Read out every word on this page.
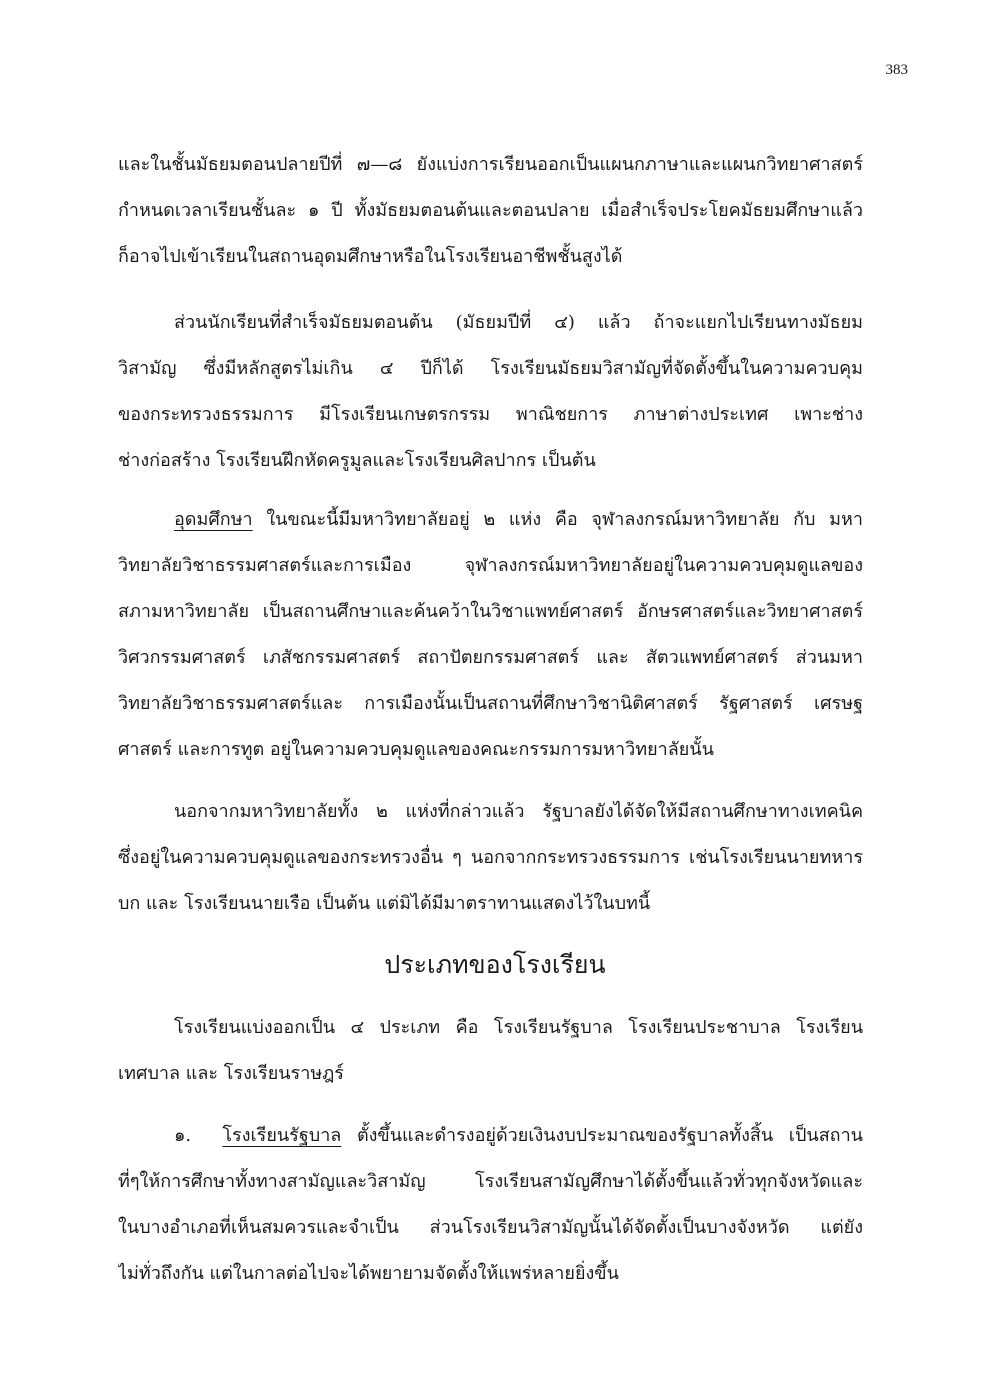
383
และในชั้นมัธยมตอนปลายปีที่ ๗—๘ ยังแบ่งการเรียนออกเป็นแผนกภาษาและแผนกวิทยาศาสตร์
กำหนดเวลาเรียนชั้นละ ๑ ปี ทั้งมัธยมตอนต้นและตอนปลาย เมื่อสำเร็จประโยคมัธยมศึกษาแล้ว
ก็อาจไปเข้าเรียนในสถานอุดมศึกษาหรือในโรงเรียนอาชีพชั้นสูงได้
ส่วนนักเรียนที่สำเร็จมัธยมตอนต้น (มัธยมปีที่ ๔) แล้ว ถ้าจะแยกไปเรียนทางมัธยม
วิสามัญ ซึ่งมีหลักสูตรไม่เกิน ๔ ปีก็ได้ โรงเรียนมัธยมวิสามัญที่จัดตั้งขึ้นในความควบคุม
ของกระทรวงธรรมการ มีโรงเรียนเกษตรกรรม พาณิชยการ ภาษาต่างประเทศ เพาะช่าง
ช่างก่อสร้าง โรงเรียนฝึกหัดครูมูลและโรงเรียนศิลปากร เป็นต้น
อุดมศึกษา ในขณะนี้มีมหาวิทยาลัยอยู่ ๒ แห่ง คือ จุฬาลงกรณ์มหาวิทยาลัย กับ มหา
วิทยาลัยวิชาธรรมศาสตร์และการเมือง จุฬาลงกรณ์มหาวิทยาลัยอยู่ในความควบคุมดูแลของ
สภามหาวิทยาลัย เป็นสถานศึกษาและค้นคว้าในวิชาแพทย์ศาสตร์ อักษรศาสตร์และวิทยาศาสตร์
วิศวกรรมศาสตร์ เภสัชกรรมศาสตร์ สถาปัตยกรรมศาสตร์ และ สัตวแพทย์ศาสตร์ ส่วนมหา
วิทยาลัยวิชาธรรมศาสตร์และ การเมืองนั้นเป็นสถานที่ศึกษาวิชานิติศาสตร์ รัฐศาสตร์ เศรษฐ
ศาสตร์ และการทูต อยู่ในความควบคุมดูแลของคณะกรรมการมหาวิทยาลัยนั้น
นอกจากมหาวิทยาลัยทั้ง ๒ แห่งที่กล่าวแล้ว รัฐบาลยังได้จัดให้มีสถานศึกษาทางเทคนิค
ซึ่งอยู่ในความควบคุมดูแลของกระทรวงอื่น ๆ นอกจากกระทรวงธรรมการ เช่นโรงเรียนนายทหาร
บก และ โรงเรียนนายเรือ เป็นต้น แต่มิได้มีมาตราทานแสดงไว้ในบทนี้
ประเภทของโรงเรียน
โรงเรียนแบ่งออกเป็น ๔ ประเภท คือ โรงเรียนรัฐบาล โรงเรียนประชาบาล โรงเรียน
เทศบาล และ โรงเรียนราษฎร์
๑. โรงเรียนรัฐบาล ตั้งขึ้นและดำรงอยู่ด้วยเงินงบประมาณของรัฐบาลทั้งสิ้น เป็นสถาน
ที่ๆให้การศึกษาทั้งทางสามัญและวิสามัญ โรงเรียนสามัญศึกษาได้ตั้งขึ้นแล้วทั่วทุกจังหวัดและ
ในบางอำเภอที่เห็นสมควรและจำเป็น ส่วนโรงเรียนวิสามัญนั้นได้จัดตั้งเป็นบางจังหวัด แต่ยัง
ไม่ทั่วถึงกัน แต่ในกาลต่อไปจะได้พยายามจัดตั้งให้แพร่หลายยิ่งขึ้น
